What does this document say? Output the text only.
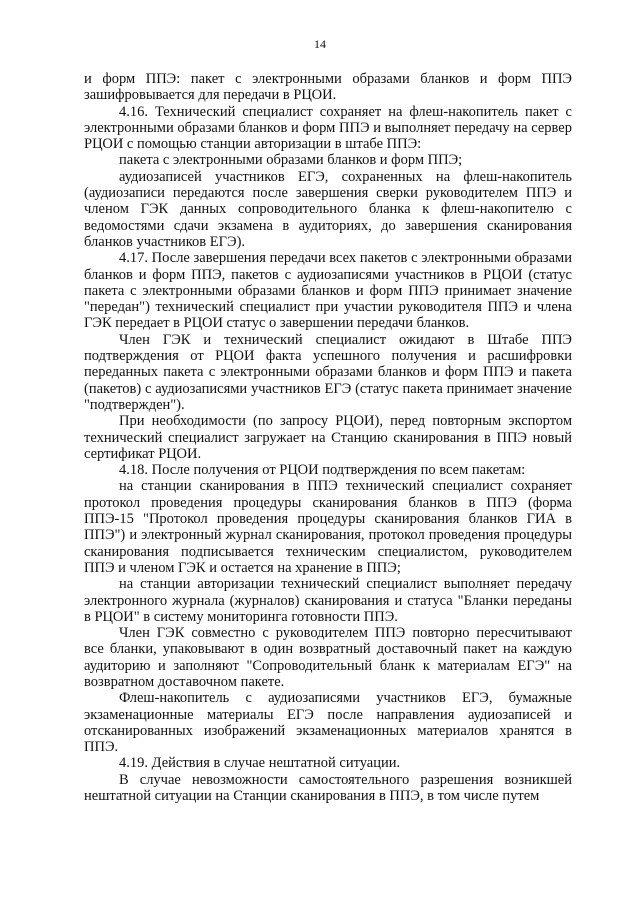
14

и форм ППЭ: пакет с электронными образами бланков и форм ППЭ зашифровывается для передачи в РЦОИ.

4.16. Технический специалист сохраняет на флеш-накопитель пакет с электронными образами бланков и форм ППЭ и выполняет передачу на сервер РЦОИ с помощью станции авторизации в штабе ППЭ:

пакета с электронными образами бланков и форм ППЭ;

аудиозаписей участников ЕГЭ, сохраненных на флеш-накопитель (аудиозаписи передаются после завершения сверки руководителем ППЭ и членом ГЭК данных сопроводительного бланка к флеш-накопителю с ведомостями сдачи экзамена в аудиториях, до завершения сканирования бланков участников ЕГЭ).

4.17. После завершения передачи всех пакетов с электронными образами бланков и форм ППЭ, пакетов с аудиозаписями участников в РЦОИ (статус пакета с электронными образами бланков и форм ППЭ принимает значение "передан") технический специалист при участии руководителя ППЭ и члена ГЭК передает в РЦОИ статус о завершении передачи бланков.

Член ГЭК и технический специалист ожидают в Штабе ППЭ подтверждения от РЦОИ факта успешного получения и расшифровки переданных пакета с электронными образами бланков и форм ППЭ и пакета (пакетов) с аудиозаписями участников ЕГЭ (статус пакета принимает значение "подтвержден").

При необходимости (по запросу РЦОИ), перед повторным экспортом технический специалист загружает на Станцию сканирования в ППЭ новый сертификат РЦОИ.

4.18. После получения от РЦОИ подтверждения по всем пакетам:

на станции сканирования в ППЭ технический специалист сохраняет протокол проведения процедуры сканирования бланков в ППЭ (форма ППЭ-15 "Протокол проведения процедуры сканирования бланков ГИА в ППЭ") и электронный журнал сканирования, протокол проведения процедуры сканирования подписывается техническим специалистом, руководителем ППЭ и членом ГЭК и остается на хранение в ППЭ;

на станции авторизации технический специалист выполняет передачу электронного журнала (журналов) сканирования и статуса "Бланки переданы в РЦОИ" в систему мониторинга готовности ППЭ.

Член ГЭК совместно с руководителем ППЭ повторно пересчитывают все бланки, упаковывают в один возвратный доставочный пакет на каждую аудиторию и заполняют "Сопроводительный бланк к материалам ЕГЭ" на возвратном доставочном пакете.

Флеш-накопитель с аудиозаписями участников ЕГЭ, бумажные экзаменационные материалы ЕГЭ после направления аудиозаписей и отсканированных изображений экзаменационных материалов хранятся в ППЭ.

4.19. Действия в случае нештатной ситуации.

В случае невозможности самостоятельного разрешения возникшей нештатной ситуации на Станции сканирования в ППЭ, в том числе путем
